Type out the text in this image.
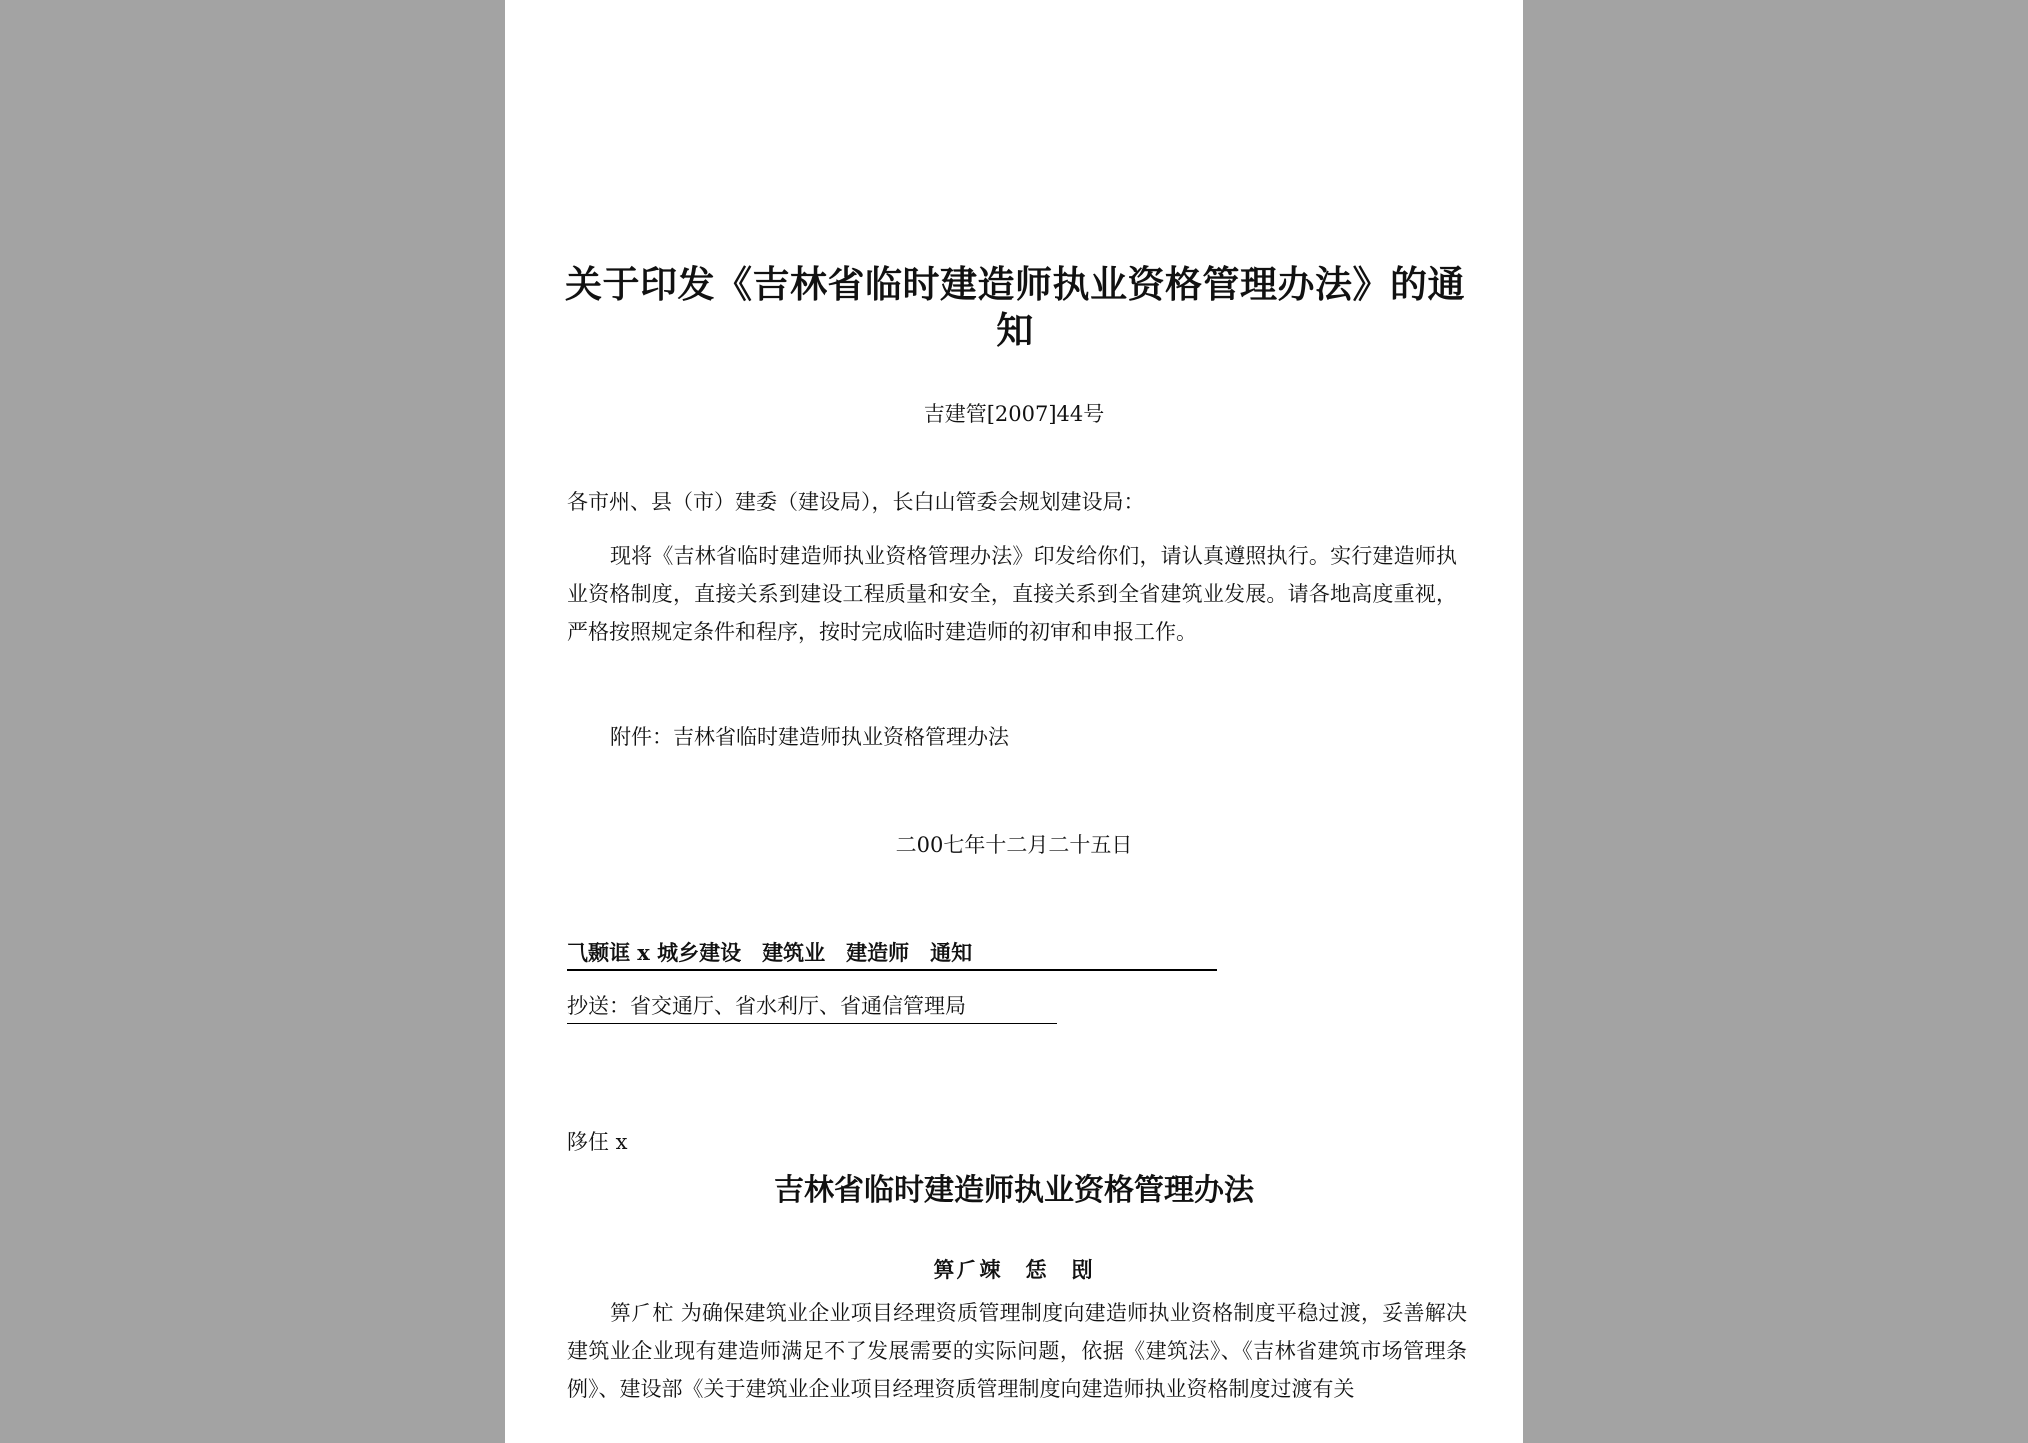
关于印发《吉林省临时建造师执业资格管理办法》的通
知
吉建管[2007]44号
各市州、县（市）建委（建设局），长白山管委会规划建设局：
现将《吉林省临时建造师执业资格管理办法》印发给你们，请认真遵照执行。实行建造师执业资格制度，直接关系到建设工程质量和安全，直接关系到全省建筑业发展。请各地高度重视，严格按照规定条件和程序，按时完成临时建造师的初审和申报工作。
附件：吉林省临时建造师执业资格管理办法
二00七年十二月二十五日
⺄颞诓 x 城乡建设　建筑业　建造师　通知
抄送：省交通厅、省水利厅、省通信管理局
陊仼 x
吉林省临时建造师执业资格管理办法
箅⺁竦　恁　刡
箅⺁杧 为确保建筑业企业项目经理资质管理制度向建造师执业资格制度平稳过渡，妥善解决建筑业企业现有建造师满足不了发展需要的实际问题，依据《建筑法》、《吉林省建筑市场管理条例》、建设部《关于建筑业企业项目经理资质管理制度向建造师执业资格制度过渡有关
